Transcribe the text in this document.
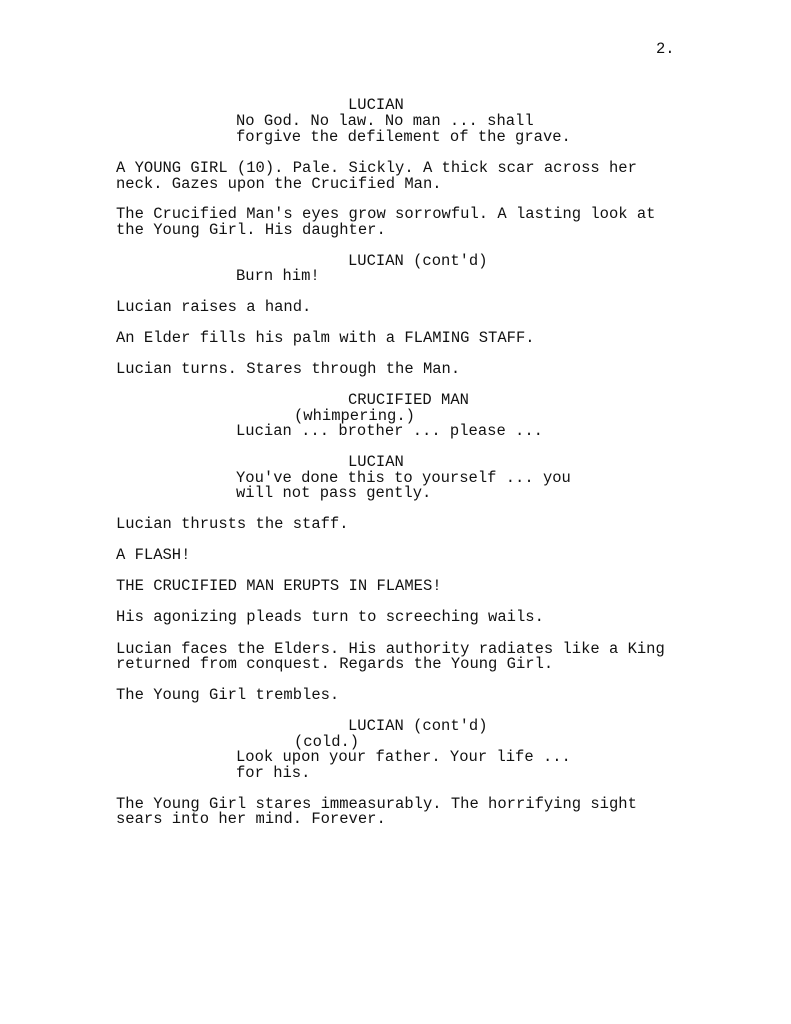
2.
LUCIAN
No God. No law. No man ... shall
forgive the defilement of the grave.
A YOUNG GIRL (10). Pale. Sickly. A thick scar across her
neck. Gazes upon the Crucified Man.
The Crucified Man's eyes grow sorrowful. A lasting look at
the Young Girl. His daughter.
LUCIAN (cont'd)
Burn him!
Lucian raises a hand.
An Elder fills his palm with a FLAMING STAFF.
Lucian turns. Stares through the Man.
CRUCIFIED MAN
(whimpering.)
Lucian ... brother ... please ...
LUCIAN
You've done this to yourself ... you
will not pass gently.
Lucian thrusts the staff.
A FLASH!
THE CRUCIFIED MAN ERUPTS IN FLAMES!
His agonizing pleads turn to screeching wails.
Lucian faces the Elders. His authority radiates like a King
returned from conquest. Regards the Young Girl.
The Young Girl trembles.
LUCIAN (cont'd)
(cold.)
Look upon your father. Your life ...
for his.
The Young Girl stares immeasurably. The horrifying sight
sears into her mind. Forever.
